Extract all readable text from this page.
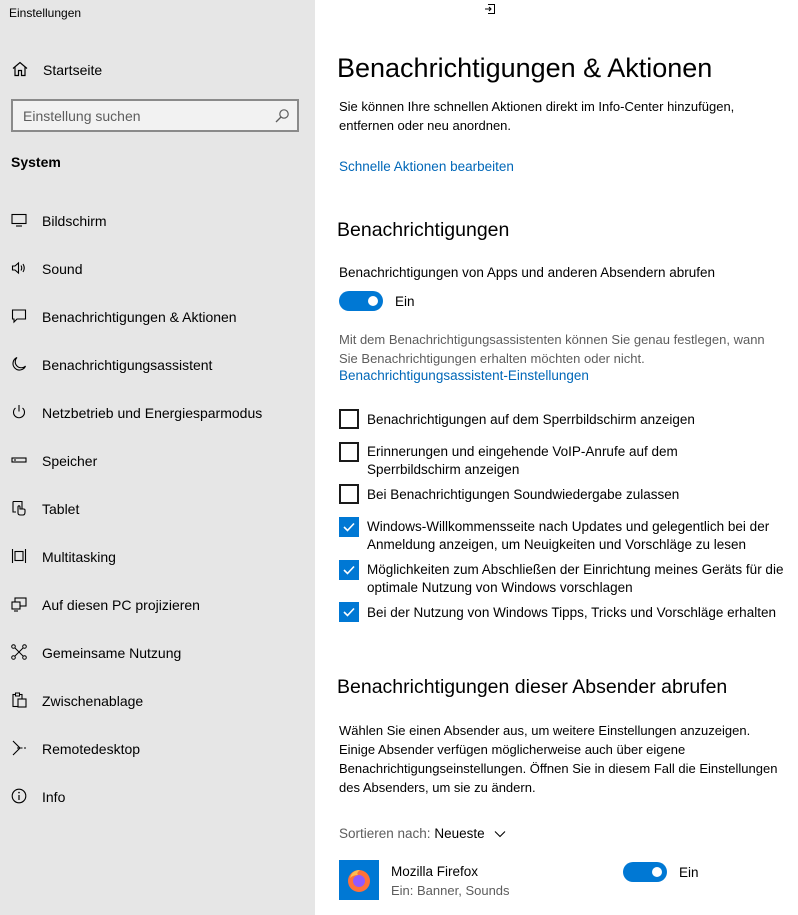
Einstellungen
Startseite
Einstellung suchen
System
Bildschirm
Sound
Benachrichtigungen & Aktionen
Benachrichtigungsassistent
Netzbetrieb und Energiesparmodus
Speicher
Tablet
Multitasking
Auf diesen PC projizieren
Gemeinsame Nutzung
Zwischenablage
Remotedesktop
Info
Benachrichtigungen & Aktionen
Sie können Ihre schnellen Aktionen direkt im Info-Center hinzufügen, entfernen oder neu anordnen.
Schnelle Aktionen bearbeiten
Benachrichtigungen
Benachrichtigungen von Apps und anderen Absendern abrufen
Ein
Mit dem Benachrichtigungsassistenten können Sie genau festlegen, wann Sie Benachrichtigungen erhalten möchten oder nicht.
Benachrichtigungsassistent-Einstellungen
Benachrichtigungen auf dem Sperrbildschirm anzeigen
Erinnerungen und eingehende VoIP-Anrufe auf dem Sperrbildschirm anzeigen
Bei Benachrichtigungen Soundwiedergabe zulassen
Windows-Willkommensseite nach Updates und gelegentlich bei der Anmeldung anzeigen, um Neuigkeiten und Vorschläge zu lesen
Möglichkeiten zum Abschließen der Einrichtung meines Geräts für die optimale Nutzung von Windows vorschlagen
Bei der Nutzung von Windows Tipps, Tricks und Vorschläge erhalten
Benachrichtigungen dieser Absender abrufen
Wählen Sie einen Absender aus, um weitere Einstellungen anzuzeigen. Einige Absender verfügen möglicherweise auch über eigene Benachrichtigungseinstellungen. Öffnen Sie in diesem Fall die Einstellungen des Absenders, um sie zu ändern.
Sortieren nach: Neueste
Mozilla Firefox
Ein: Banner, Sounds
Ein
